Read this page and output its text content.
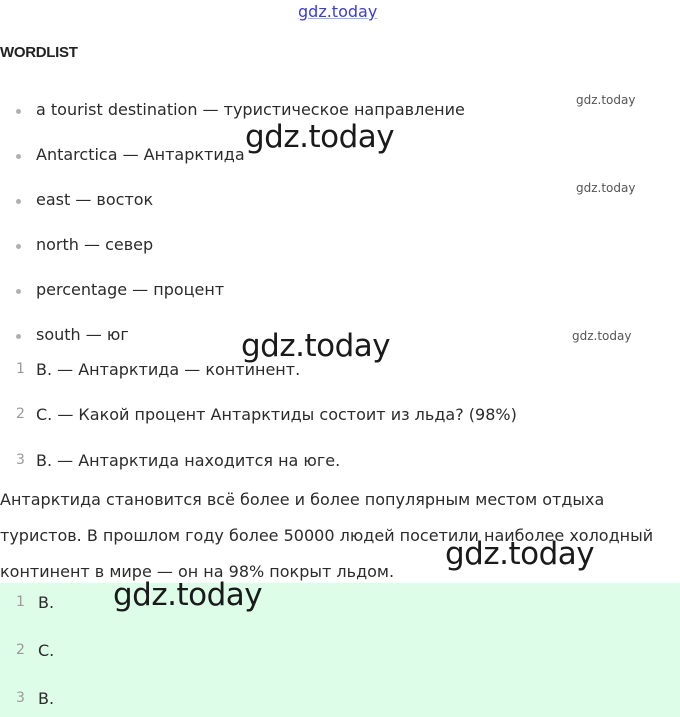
gdz.today
WORDLIST
a tourist destination — туристическое направление
Antarctica — Антарктида
east — восток
north — север
percentage — процент
south — юг
1 B. — Антарктида — континент.
2 C. — Какой процент Антарктиды состоит из льда? (98%)
3 B. — Антарктида находится на юге.

Антарктида становится всё более и более популярным местом отдыха туристов. В прошлом году более 50000 людей посетили наиболее холодный континент в мире — он на 98% покрыт льдом.

1 B.
2 C.
3 B.
gdz.today
gdz.today
gdz.today
gdz.today
gdz.today
gdz.today
gdz.today
